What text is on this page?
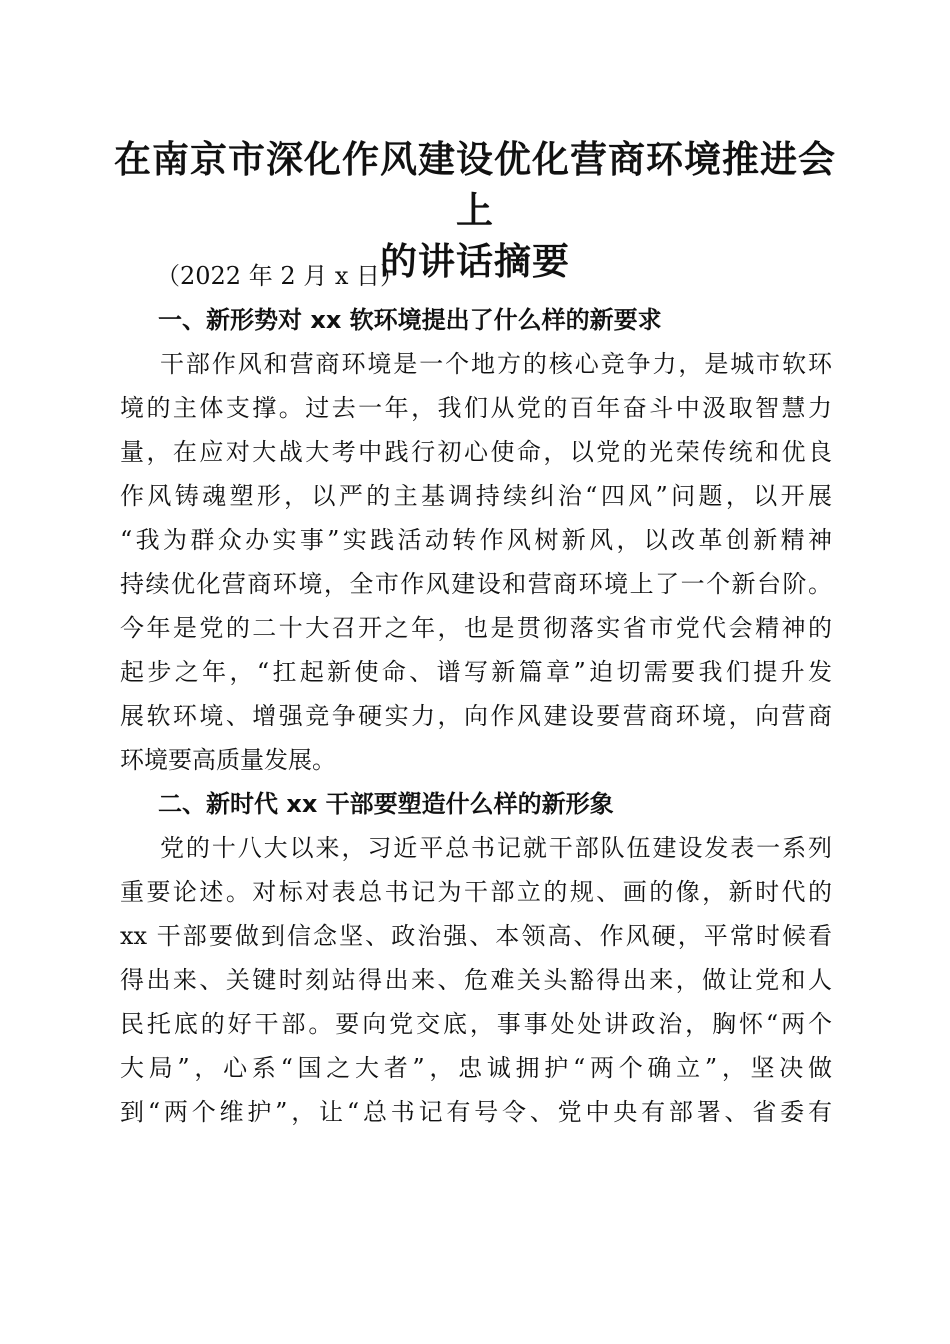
在南京市深化作风建设优化营商环境推进会上
的讲话摘要
（2022 年 2 月 x 日）
一、新形势对 xx 软环境提出了什么样的新要求
干部作风和营商环境是一个地方的核心竞争力，是城市软环
境的主体支撑。过去一年，我们从党的百年奋斗中汲取智慧力
量，在应对大战大考中践行初心使命，以党的光荣传统和优良
作风铸魂塑形，以严的主基调持续纠治“四风”问题，以开展
“我为群众办实事”实践活动转作风树新风，以改革创新精神
持续优化营商环境，全市作风建设和营商环境上了一个新台阶。
今年是党的二十大召开之年，也是贯彻落实省市党代会精神的
起步之年，“扛起新使命、谱写新篇章”迫切需要我们提升发
展软环境、增强竞争硬实力，向作风建设要营商环境，向营商
环境要高质量发展。
二、新时代 xx 干部要塑造什么样的新形象
党的十八大以来，习近平总书记就干部队伍建设发表一系列
重要论述。对标对表总书记为干部立的规、画的像，新时代的
xx 干部要做到信念坚、政治强、本领高、作风硬，平常时候看
得出来、关键时刻站得出来、危难关头豁得出来，做让党和人
民托底的好干部。要向党交底，事事处处讲政治，胸怀“两个
大局”，心系“国之大者”，忠诚拥护“两个确立”，坚决做
到“两个维护”，让“总书记有号令、党中央有部署、省委有
